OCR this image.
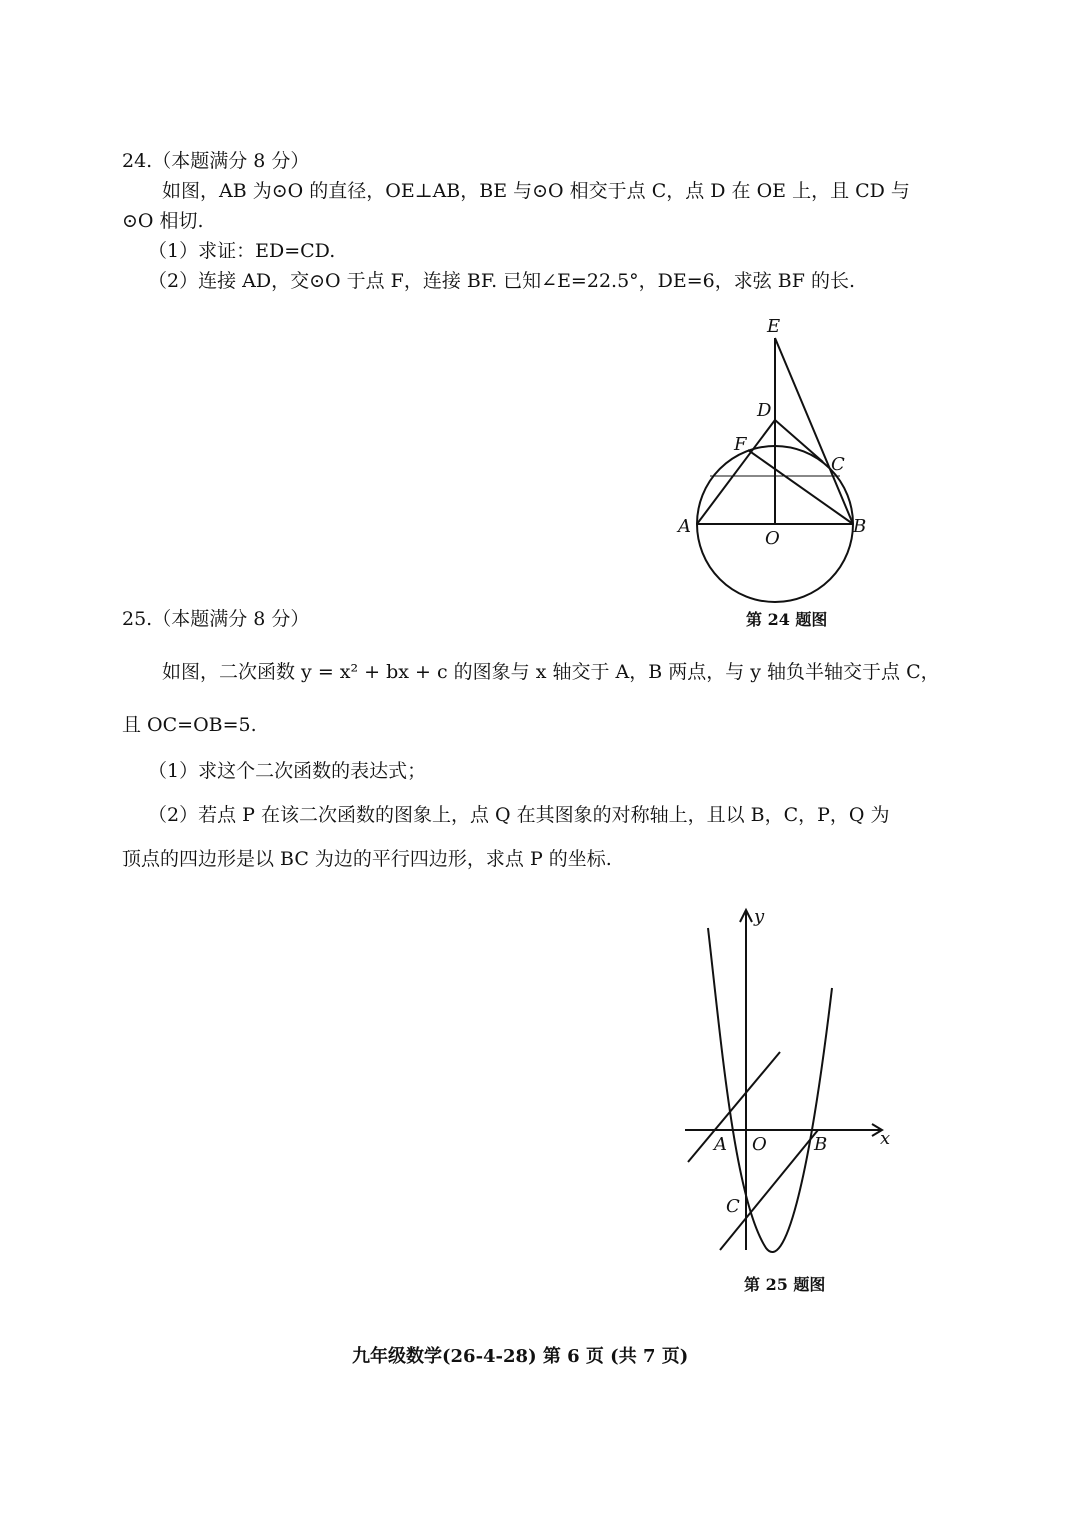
24.（本题满分 8 分）
如图，AB 为⊙O 的直径，OE⊥AB，BE 与⊙O 相交于点 C，点 D 在 OE 上，且 CD 与
⊙O 相切.
（1）求证：ED=CD.
（2）连接 AD，交⊙O 于点 F，连接 BF. 已知∠E=22.5°，DE=6，求弦 BF 的长.
E
D
F
C
A
O
B
第 24 题图
25.（本题满分 8 分）
如图，二次函数 y = x² + bx + c 的图象与 x 轴交于 A，B 两点，与 y 轴负半轴交于点 C，
且 OC=OB=5.
（1）求这个二次函数的表达式；
（2）若点 P 在该二次函数的图象上，点 Q 在其图象的对称轴上，且以 B，C，P，Q 为
顶点的四边形是以 BC 为边的平行四边形，求点 P 的坐标.
x
y
A O	B
C
第 25 题图
九年级数学(26-4-28) 第 6 页 (共 7 页)
